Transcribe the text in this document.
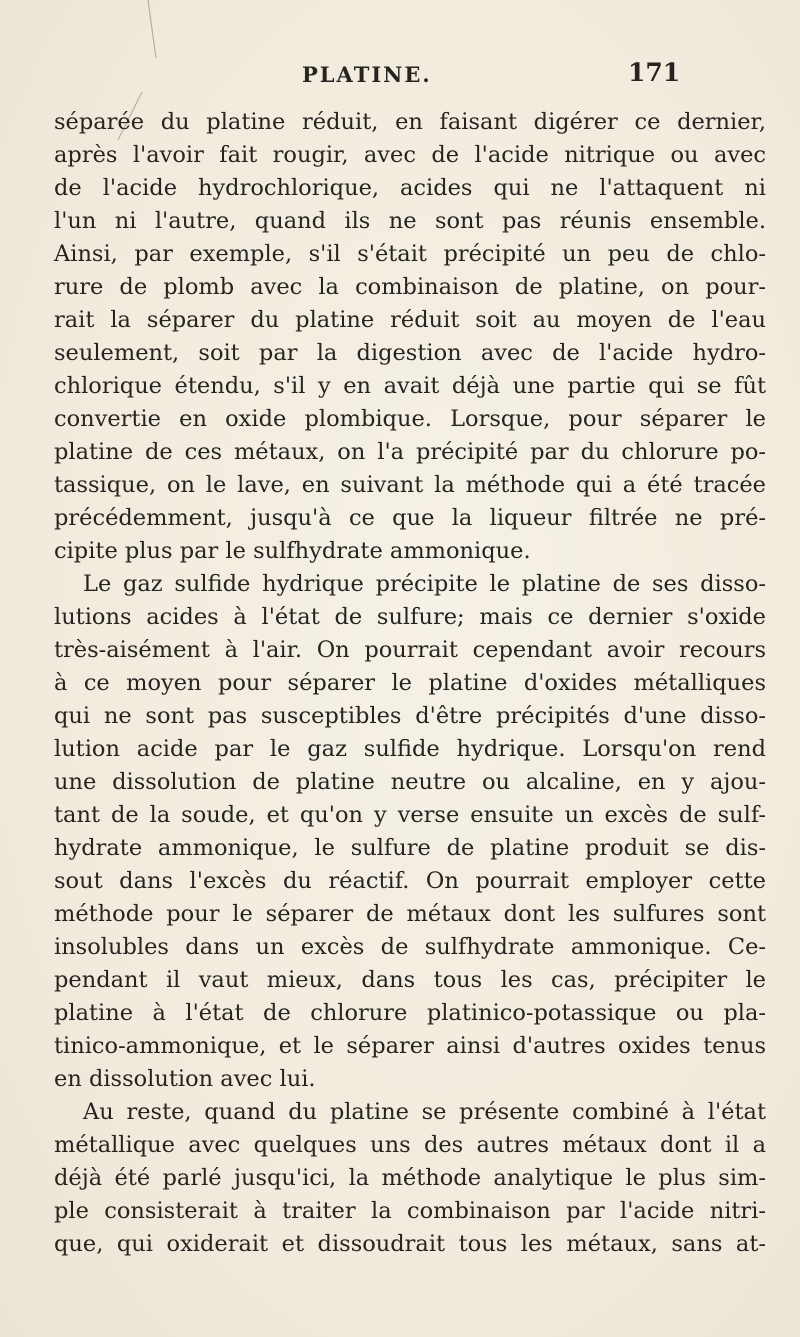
PLATINE.	171
séparée du platine réduit, en faisant digérer ce dernier,
après l'avoir fait rougir, avec de l'acide nitrique ou avec
de l'acide hydrochlorique, acides qui ne l'attaquent ni
l'un ni l'autre, quand ils ne sont pas réunis ensemble.
Ainsi, par exemple, s'il s'était précipité un peu de chlo-
rure de plomb avec la combinaison de platine, on pour-
rait la séparer du platine réduit soit au moyen de l'eau
seulement, soit par la digestion avec de l'acide hydro-
chlorique étendu, s'il y en avait déjà une partie qui se fût
convertie en oxide plombique. Lorsque, pour séparer le
platine de ces métaux, on l'a précipité par du chlorure po-
tassique, on le lave, en suivant la méthode qui a été tracée
précédemment, jusqu'à ce que la liqueur filtrée ne pré-
cipite plus par le sulfhydrate ammonique.
Le gaz sulfide hydrique précipite le platine de ses disso-
lutions acides à l'état de sulfure; mais ce dernier s'oxide
très-aisément à l'air. On pourrait cependant avoir recours
à ce moyen pour séparer le platine d'oxides métalliques
qui ne sont pas susceptibles d'être précipités d'une disso-
lution acide par le gaz sulfide hydrique. Lorsqu'on rend
une dissolution de platine neutre ou alcaline, en y ajou-
tant de la soude, et qu'on y verse ensuite un excès de sulf-
hydrate ammonique, le sulfure de platine produit se dis-
sout dans l'excès du réactif. On pourrait employer cette
méthode pour le séparer de métaux dont les sulfures sont
insolubles dans un excès de sulfhydrate ammonique. Ce-
pendant il vaut mieux, dans tous les cas, précipiter le
platine à l'état de chlorure platinico-potassique ou pla-
tinico-ammonique, et le séparer ainsi d'autres oxides tenus
en dissolution avec lui.
Au reste, quand du platine se présente combiné à l'état
métallique avec quelques uns des autres métaux dont il a
déjà été parlé jusqu'ici, la méthode analytique le plus sim-
ple consisterait à traiter la combinaison par l'acide nitri-
que, qui oxiderait et dissoudrait tous les métaux, sans at-
